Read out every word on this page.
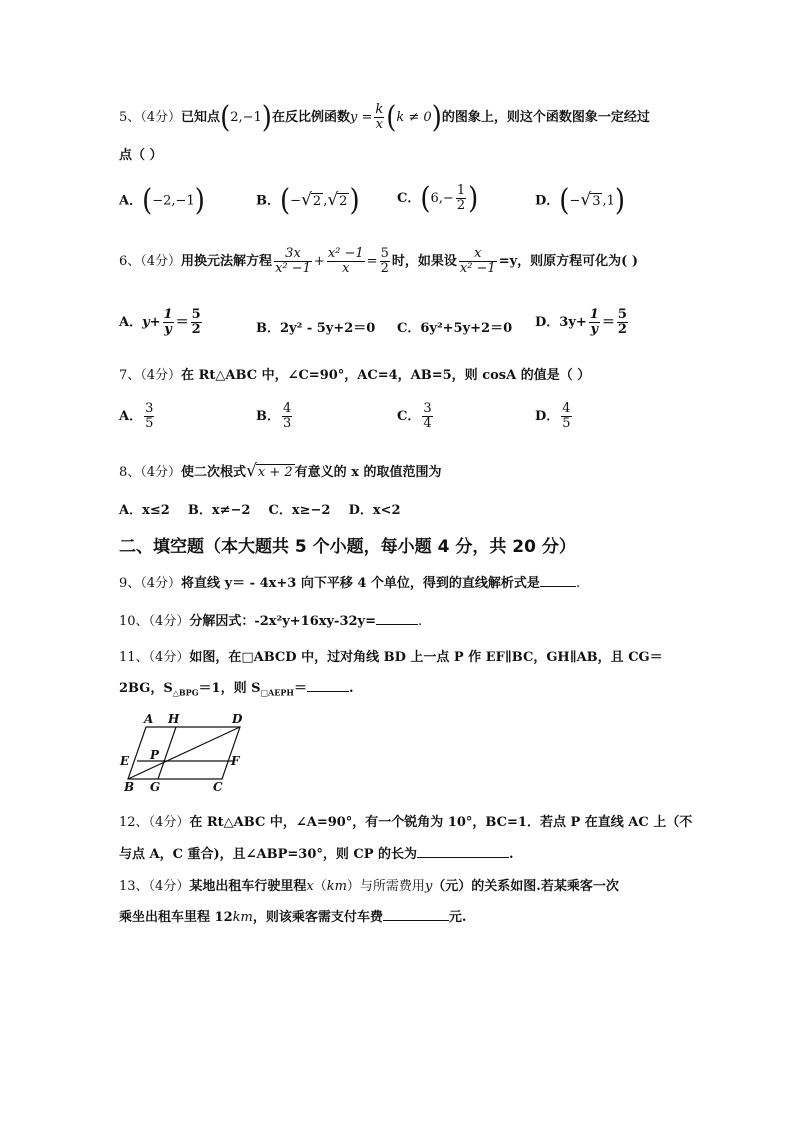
5、（4分）已知点(2,−1)在反比例函数$y = \frac{k}{x} (k \ne 0)$的图象上，则这个函数图象一定经过
点（ ）
A．(−2,−1)	B．(−√2 ,√2)	C．($6,- \frac{1}{2}$ )	D．(−√3 ,1)
6、（4分）用换元法解方程 $\frac{3x}{\text{x² −1}} + \frac{\text{x² −1}}{x} = \frac{5}{2}$ 时，如果设 $\frac{x}{\text{x² −1}} =y$，则原方程可化为( )
A．$y+ \frac{1}{y} = \frac{5}{2}$	B．2y² - 5y+2＝0 C．6y²+5y+2＝0 D．$3y+ \frac{1}{y} = \frac{5}{2}$
7、（4分）在 Rt△ABC 中，∠C=90°，AC=4，AB=5，则 cosA 的值是（ ）
A． $\frac{3}{5}$	B． $\frac{4}{3}$	C． $\frac{3}{4}$	D． $\frac{4}{5}$
8、（4分）使二次根式√x + 2 有意义的 x 的取值范围为
A．x≤2    B．x≠−2    C．x≥−2    D．x<2
二、填空题（本大题共 5 个小题，每小题 4 分，共 20 分）
9、（4分）将直线 y＝ - 4x+3 向下平移 4 个单位，得到的直线解析式是	.
10、（4分）分解因式：-2x²y+16xy-32y=	.
11、（4分）如图，在□ABCD 中，过对角线 BD 上一点 P 作 EF∥BC，GH∥AB，且 CG＝
2BG，$S_{\triangle BPG}=1$，则 $S_{□AEPH}=$	.
A H	D
E P	F
B G	C
12、（4分）在 Rt△ABC 中，∠A=90°，有一个锐角为 10°，BC=1．若点 P 在直线 AC 上（不
与点 A，C 重合)，且∠ABP=30°，则 CP 的长为	.
13、（4分）某地出租车行驶里程x（km）与所需费用y（元）的关系如图.若某乘客一次
乘坐出租车里程 12km，则该乘客需支付车费	元.
